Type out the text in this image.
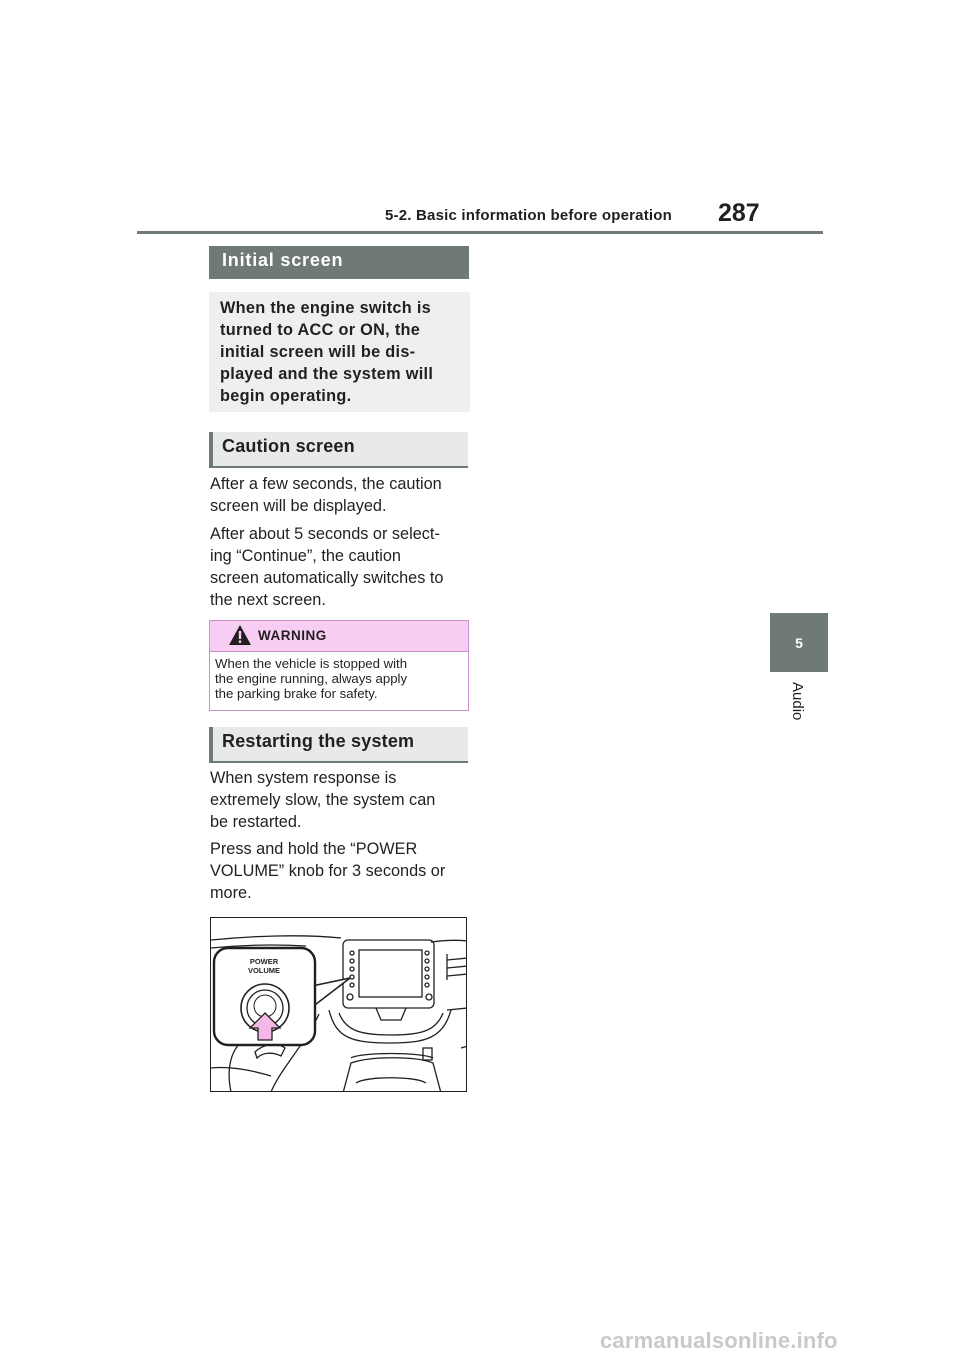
5-2. Basic information before operation 287
5
Audio
Initial screen
When the engine switch is
turned to ACC or ON, the
initial screen will be dis-
played and the system will
begin operating.
Caution screen
After a few seconds, the caution
screen will be displayed.
After about 5 seconds or select-
ing “Continue”, the caution
screen automatically switches to
the next screen.
WARNING
When the vehicle is stopped with
the engine running, always apply
the parking brake for safety.
Restarting the system
When system response is
extremely slow, the system can
be restarted.
Press and hold the “POWER
VOLUME” knob for 3 seconds or
more.
POWER
VOLUME
carmanualsonline.info
